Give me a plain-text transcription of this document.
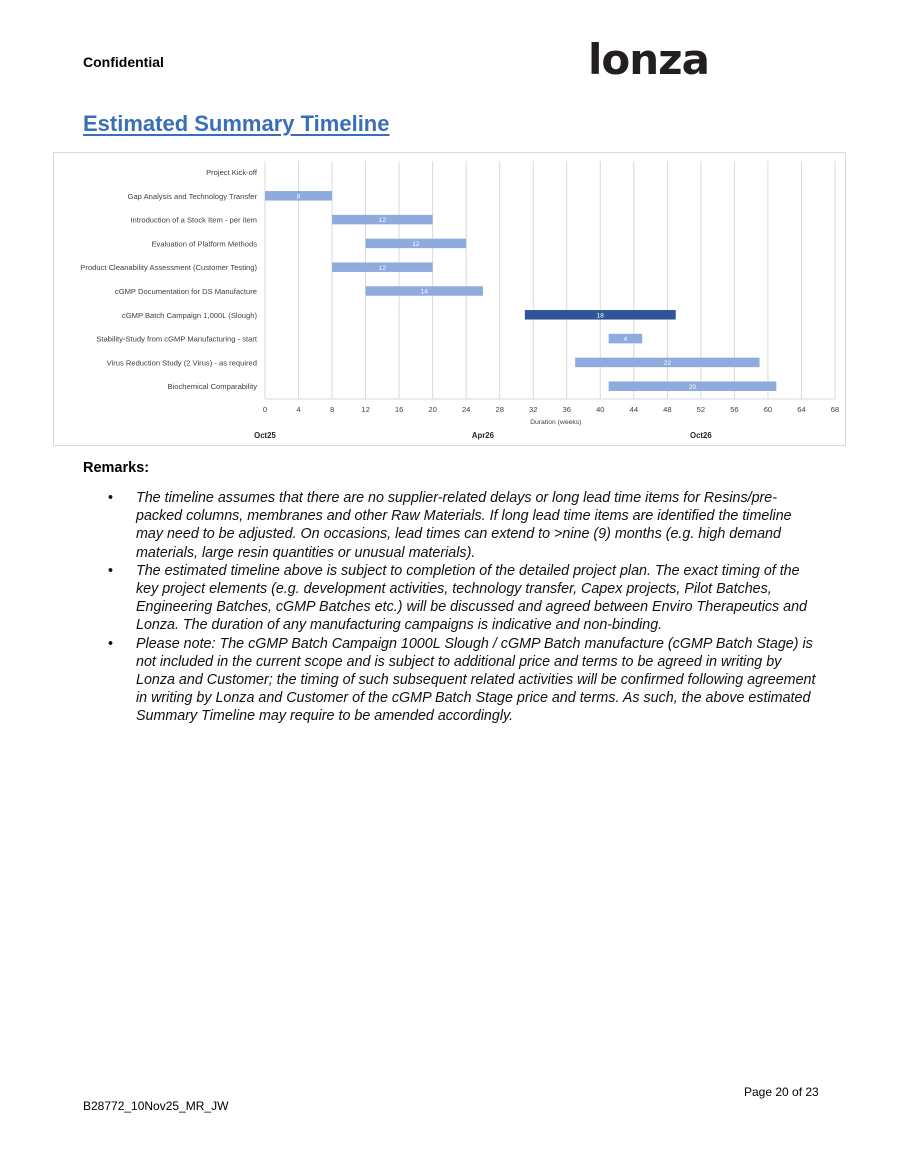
Confidential	lonza
Estimated Summary Timeline
Project Kick-off
Gap Analysis and Technology Transfer	8
Introduction of a Stock Item - per item	12
Evaluation of Platform Methods	12
Product Cleanability Assessment (Customer Testing)	12
cGMP Documentation for DS Manufacture	14
cGMP Batch Campaign 1,000L (Slough)	18
Stability-Study from cGMP Manufacturing - start	4
Virus Reduction Study (2 Virus) - as required	22
Biochemical Comparability	20
0	4	8	12	16	20	24	28	32	36	40	44	48	52	56	60	64	68
Duration (weeks)
Oct25	Apr26	Oct26
Remarks:
• The timeline assumes that there are no supplier-related delays or long lead time items for Resins/pre-packed columns, membranes and other Raw Materials. If long lead time items are identified the timeline may need to be adjusted. On occasions, lead times can extend to >nine (9) months (e.g. high demand materials, large resin quantities or unusual materials).
• The estimated timeline above is subject to completion of the detailed project plan. The exact timing of the key project elements (e.g. development activities, technology transfer, Capex projects, Pilot Batches, Engineering Batches, cGMP Batches etc.) will be discussed and agreed between Enviro Therapeutics and Lonza. The duration of any manufacturing campaigns is indicative and non-binding.
• Please note: The cGMP Batch Campaign 1000L Slough / cGMP Batch manufacture (cGMP Batch Stage) is not included in the current scope and is subject to additional price and terms to be agreed in writing by Lonza and Customer; the timing of such subsequent related activities will be confirmed following agreement in writing by Lonza and Customer of the cGMP Batch Stage price and terms. As such, the above estimated Summary Timeline may require to be amended accordingly.
Page 20 of 23
B28772_10Nov25_MR_JW
